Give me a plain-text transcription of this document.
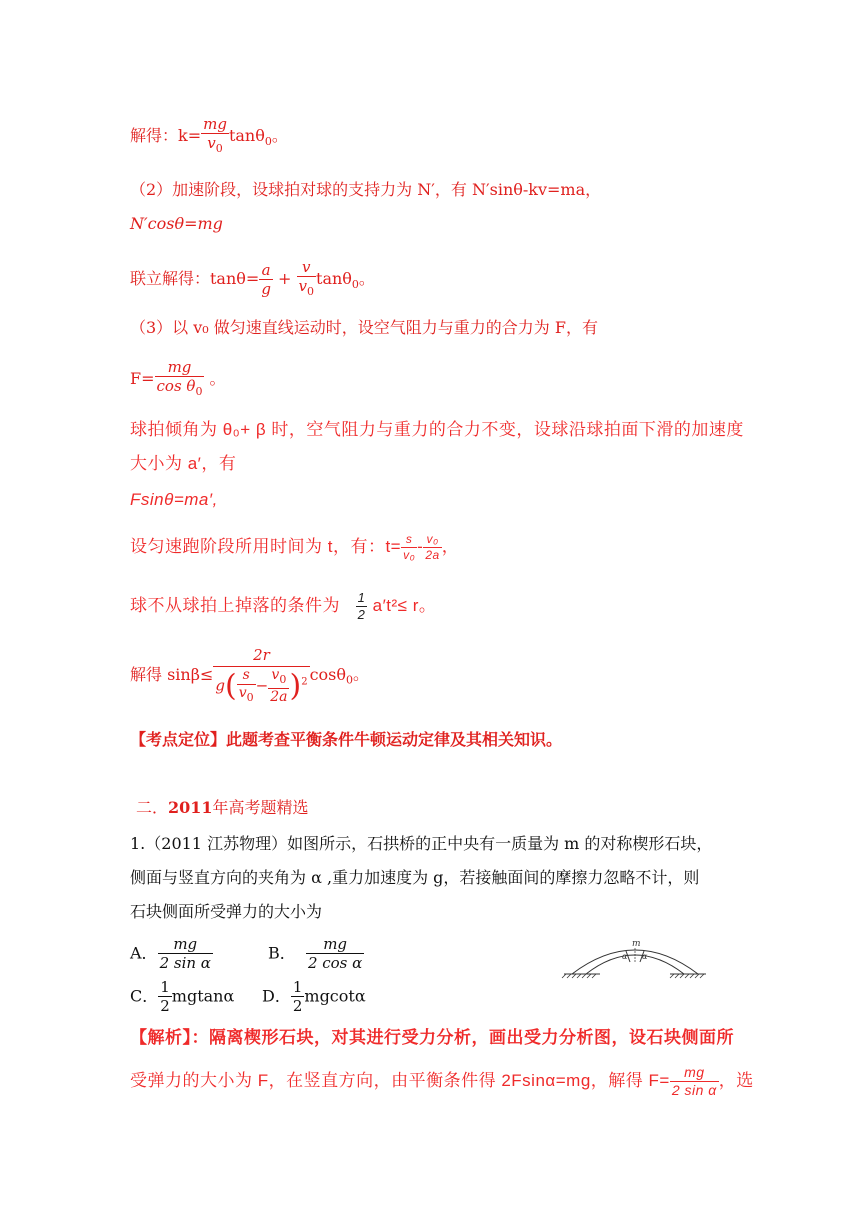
解得：$k= \frac{mg}{v_0} \tan\theta_0$。
（2）加速阶段，设球拍对球的支持力为 N′，有 N′sinθ-kv=ma，
N′cosθ=mg
联立解得：$\tan\theta= \frac{a}{g} + \frac{v}{v_0} \tan\theta_0$。
（3）以 v₀ 做匀速直线运动时，设空气阻力与重力的合力为 F，有
$F= \frac{mg}{\cos \theta_0}$ 。
球拍倾角为 θ₀+ β 时，空气阻力与重力的合力不变，设球沿球拍面下滑的加速度
大小为 a′，有
Fsinθ=ma′,
设匀速跑阶段所用时间为 t，有：$t= \frac{s}{\text{v₀}} - \frac{\text{v₀}}{2a}$ ，
球不从球拍上掉落的条件为 $\frac{1}{2} a't^2\le r$。
解得 $\sin\beta\le \frac{2r}{g( \frac{s}{v_0} - \frac{v_0}{2a} )^2} \cos\theta_0$。
【考点定位】此题考查平衡条件牛顿运动定律及其相关知识。
二．2011年高考题精选
1.（2011 江苏物理）如图所示，石拱桥的正中央有一质量为 m 的对称楔形石块，
侧面与竖直方向的夹角为 α ,重力加速度为 g，若接触面间的摩擦力忽略不计，则
石块侧面所受弹力的大小为
A． $\frac{mg}{\text{2 sin α}}$	B． $\frac{mg}{\text{2 cos α}}$
C． $\frac{1}{2}$ mgtanα D． $\frac{1}{2}$ mgcotα
m
α α
【解析】：隔离楔形石块，对其进行受力分析，画出受力分析图，设石块侧面所
受弹力的大小为 F，在竖直方向，由平衡条件得 2Fsinα=mg，解得 $F= \frac{mg}{\text{2 sin α}}$ ，选
